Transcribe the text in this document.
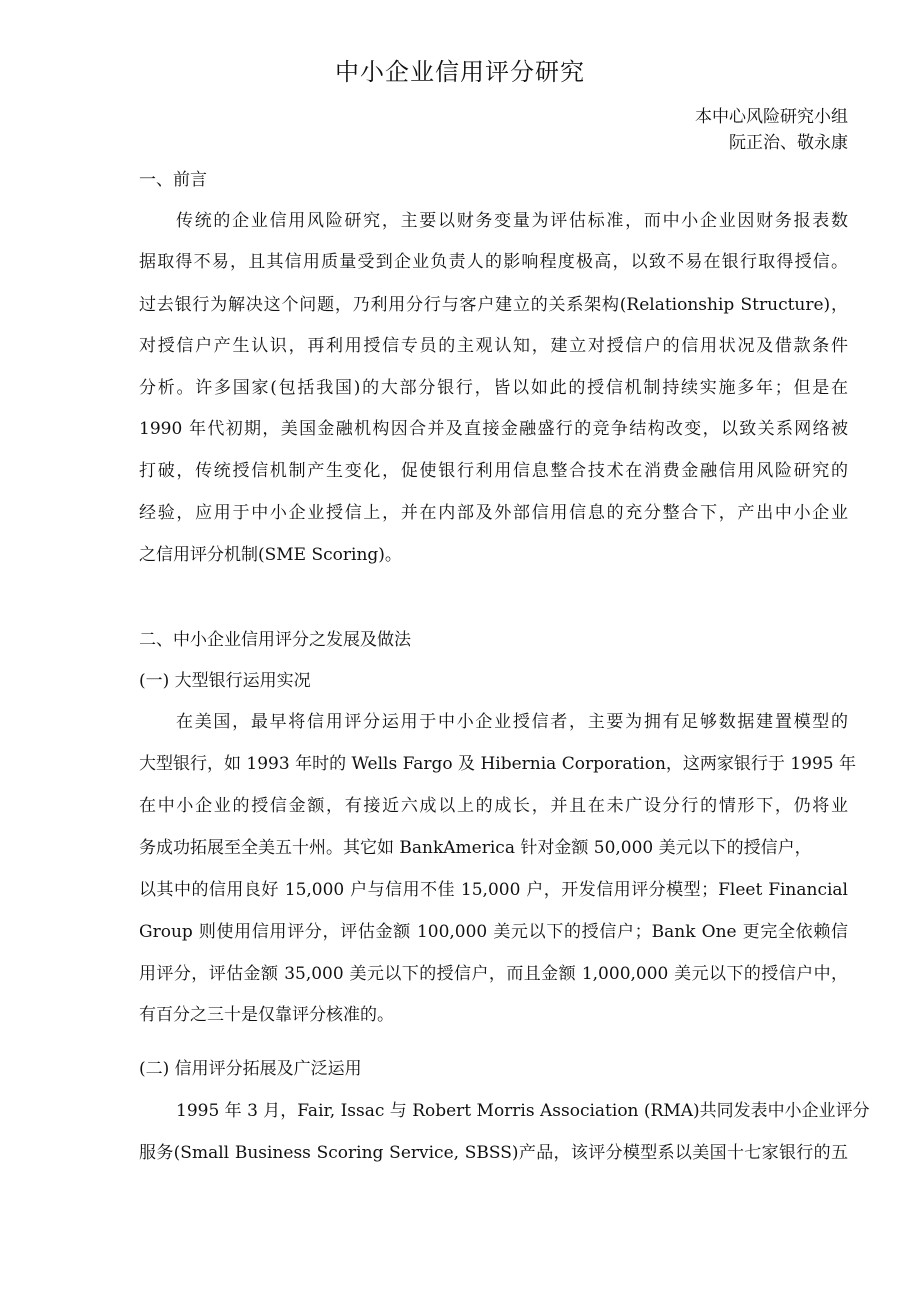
中小企业信用评分研究
本中心风险研究小组
阮正治、敬永康
一、前言
传统的企业信用风险研究，主要以财务变量为评估标准，而中小企业因财务报表数
据取得不易，且其信用质量受到企业负责人的影响程度极高，以致不易在银行取得授信。
过去银行为解决这个问题，乃利用分行与客户建立的关系架构(Relationship Structure)，
对授信户产生认识，再利用授信专员的主观认知，建立对授信户的信用状况及借款条件
分析。许多国家(包括我国)的大部分银行，皆以如此的授信机制持续实施多年；但是在
1990 年代初期，美国金融机构因合并及直接金融盛行的竞争结构改变，以致关系网络被
打破，传统授信机制产生变化，促使银行利用信息整合技术在消费金融信用风险研究的
经验，应用于中小企业授信上，并在内部及外部信用信息的充分整合下，产出中小企业
之信用评分机制(SME Scoring)。
二、中小企业信用评分之发展及做法
(一) 大型银行运用实况
在美国，最早将信用评分运用于中小企业授信者，主要为拥有足够数据建置模型的
大型银行，如 1993 年时的 Wells Fargo 及 Hibernia Corporation，这两家银行于 1995 年
在中小企业的授信金额，有接近六成以上的成长，并且在未广设分行的情形下，仍将业
务成功拓展至全美五十州。其它如 BankAmerica 针对金额 50,000 美元以下的授信户，
以其中的信用良好 15,000 户与信用不佳 15,000 户，开发信用评分模型；Fleet Financial
Group 则使用信用评分，评估金额 100,000 美元以下的授信户；Bank One 更完全依赖信
用评分，评估金额 35,000 美元以下的授信户，而且金额 1,000,000 美元以下的授信户中，
有百分之三十是仅靠评分核准的。
(二) 信用评分拓展及广泛运用
1995 年 3 月，Fair, Issac 与 Robert Morris Association (RMA)共同发表中小企业评分
服务(Small Business Scoring Service, SBSS)产品，该评分模型系以美国十七家银行的五
